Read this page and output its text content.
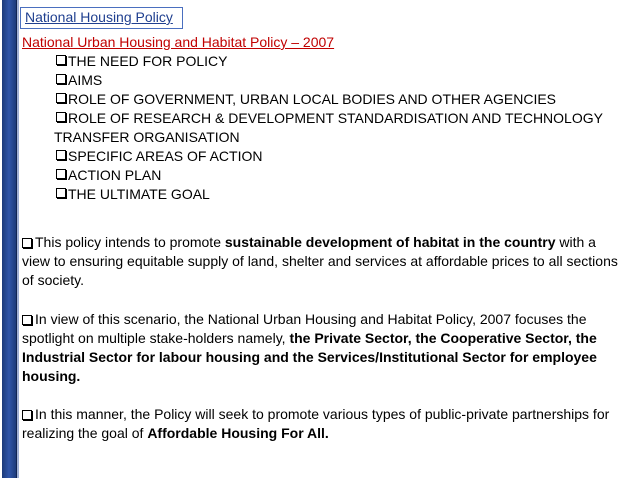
National Housing Policy
National Urban Housing and Habitat Policy – 2007
THE NEED FOR POLICY
AIMS
ROLE OF GOVERNMENT, URBAN LOCAL BODIES AND OTHER AGENCIES
ROLE OF RESEARCH & DEVELOPMENT STANDARDISATION AND TECHNOLOGY
TRANSFER ORGANISATION
SPECIFIC AREAS OF ACTION
ACTION PLAN
THE ULTIMATE GOAL

This policy intends to promote sustainable development of habitat in the country with a view to ensuring equitable supply of land, shelter and services at affordable prices to all sections of society.

In view of this scenario, the National Urban Housing and Habitat Policy, 2007 focuses the spotlight on multiple stake-holders namely, the Private Sector, the Cooperative Sector, the Industrial Sector for labour housing and the Services/Institutional Sector for employee housing.

In this manner, the Policy will seek to promote various types of public-private partnerships for realizing the goal of Affordable Housing For All.
